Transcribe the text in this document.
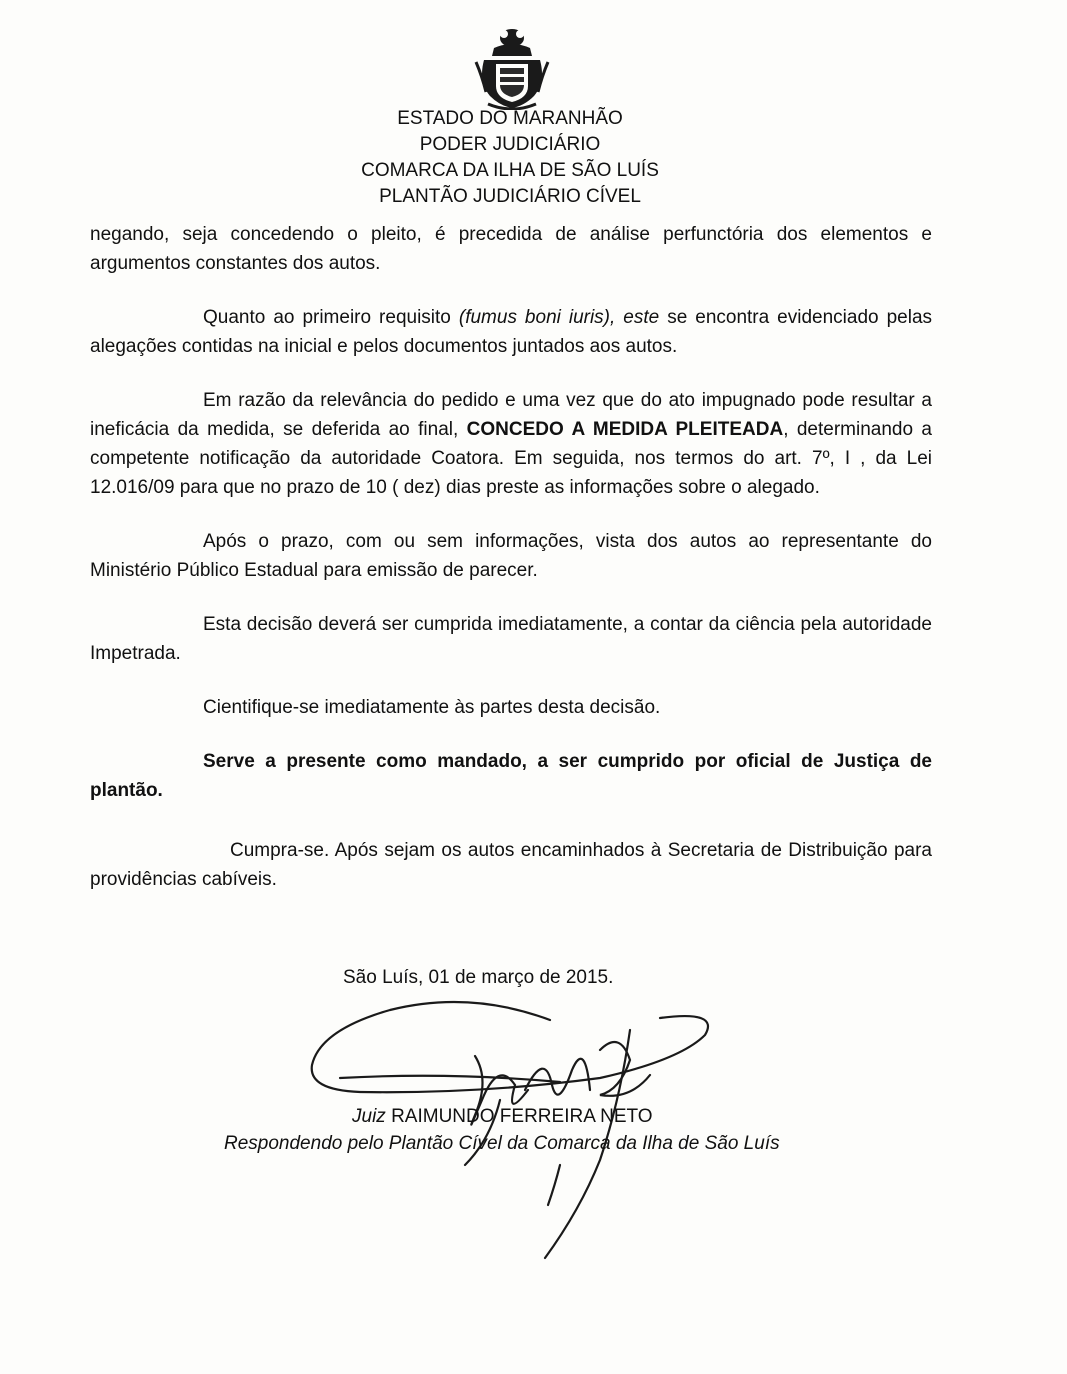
ESTADO DO MARANHÃO
PODER JUDICIÁRIO
COMARCA DA ILHA DE SÃO LUÍS
PLANTÃO JUDICIÁRIO CÍVEL

negando, seja concedendo o pleito, é precedida de análise perfunctória dos elementos e argumentos constantes dos autos.

Quanto ao primeiro requisito (fumus boni iuris), este se encontra evidenciado pelas alegações contidas na inicial e pelos documentos juntados aos autos.

Em razão da relevância do pedido e uma vez que do ato impugnado pode resultar a ineficácia da medida, se deferida ao final, CONCEDO A MEDIDA PLEITEADA, determinando a competente notificação da autoridade Coatora. Em seguida, nos termos do art. 7º, I , da Lei 12.016/09 para que no prazo de 10 ( dez) dias preste as informações sobre o alegado.

Após o prazo, com ou sem informações, vista dos autos ao representante do Ministério Público Estadual para emissão de parecer.

Esta decisão deverá ser cumprida imediatamente, a contar da ciência pela autoridade Impetrada.

Cientifique-se imediatamente às partes desta decisão.

Serve a presente como mandado, a ser cumprido por oficial de Justiça de plantão.

Cumpra-se. Após sejam os autos encaminhados à Secretaria de Distribuição para providências cabíveis.

São Luís, 01 de março de 2015.
Juiz RAIMUNDO FERREIRA NETO
Respondendo pelo Plantão Cível da Comarca da Ilha de São Luís
